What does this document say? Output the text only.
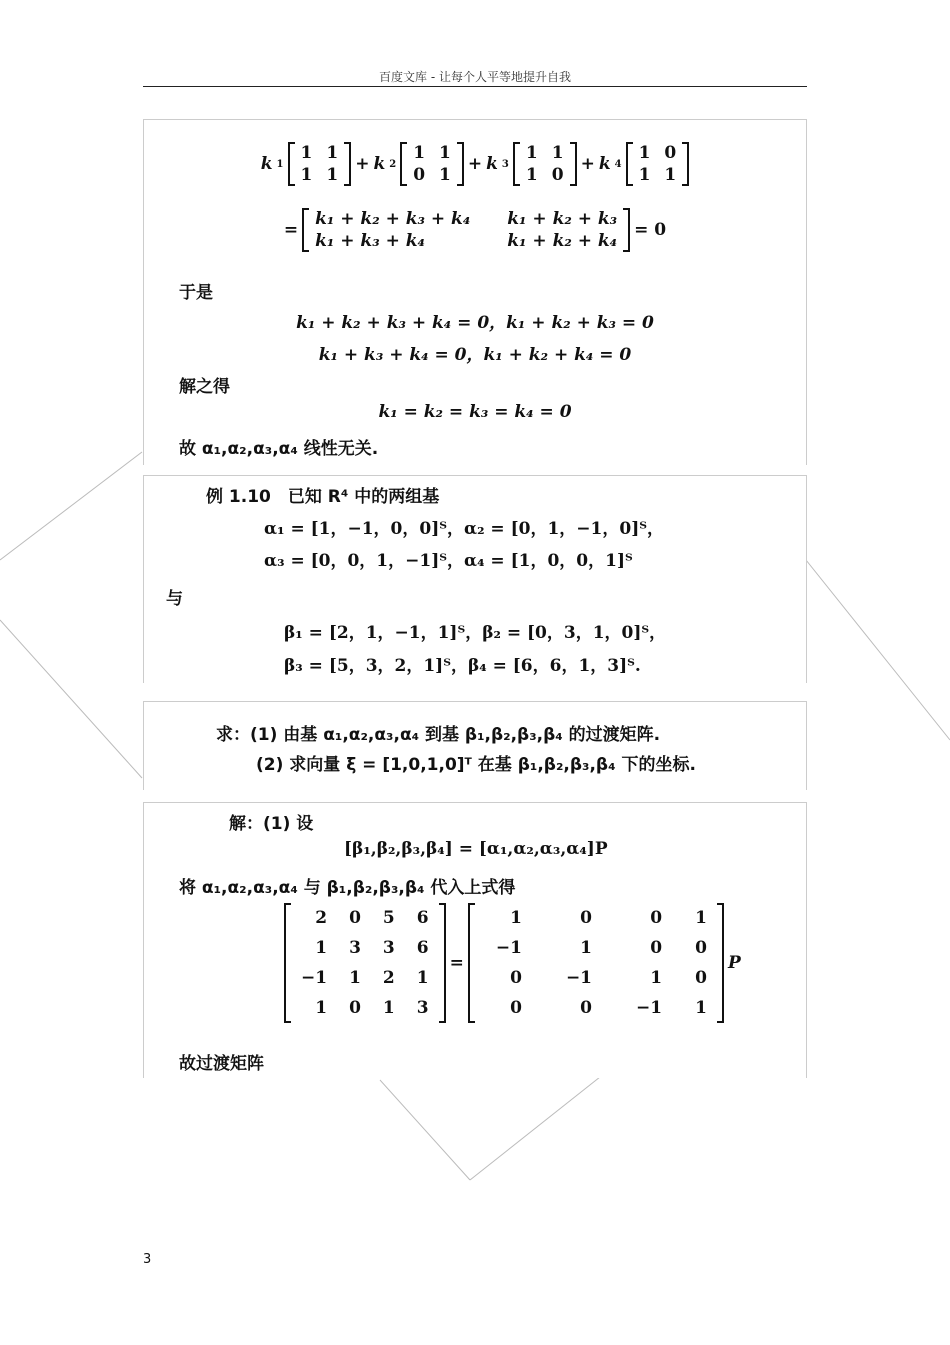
百度文库 - 让每个人平等地提升自我
k 1
1	1
1	1
+ k 2
1	1
0	1
+ k 3
1	1
1	0
+ k 4
1	0
1	1
=
k₁ + k₂ + k₃ + k₄	k₁ + k₂ + k₃
k₁ + k₃ + k₄	k₁ + k₂ + k₄
= 0
于是
k₁ + k₂ + k₃ + k₄ = 0，k₁ + k₂ + k₃ = 0
k₁ + k₃ + k₄ = 0，k₁ + k₂ + k₄ = 0
解之得
k₁ = k₂ = k₃ = k₄ = 0
故 α₁,α₂,α₃,α₄ 线性无关.
例 1.10　已知 R⁴ 中的两组基
α₁ = [1，−1，0，0]ᵀ，α₂ = [0，1，−1，0]ᵀ，
α₃ = [0，0，1，−1]ᵀ，α₄ = [1，0，0，1]ᵀ
与
β₁ = [2，1，−1，1]ᵀ，β₂ = [0，3，1，0]ᵀ，
β₃ = [5，3，2，1]ᵀ，β₄ = [6，6，1，3]ᵀ.
求：(1) 由基 α₁,α₂,α₃,α₄ 到基 β₁,β₂,β₃,β₄ 的过渡矩阵.
(2) 求向量 ξ = [1,0,1,0]ᵀ 在基 β₁,β₂,β₃,β₄ 下的坐标.
解：(1) 设
[β₁,β₂,β₃,β₄] = [α₁,α₂,α₃,α₄]P
将 α₁,α₂,α₃,α₄ 与 β₁,β₂,β₃,β₄ 代入上式得
2	0	5	6
1	3	3	6
−1	1	2	1
1	0	1	3
=
1	0	0	1
−1	1	0	0
0	−1	1	0
0	0	−1	1
P
故过渡矩阵
3
